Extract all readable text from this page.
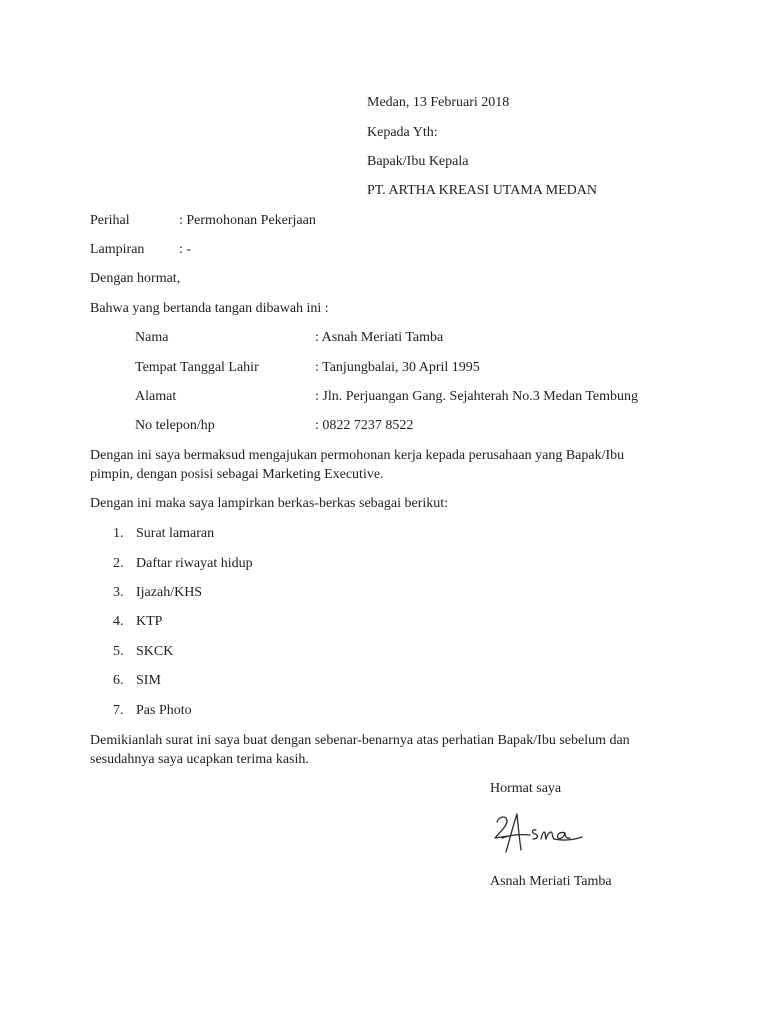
Medan, 13 Februari 2018
Kepada Yth:
Bapak/Ibu Kepala
PT. ARTHA KREASI UTAMA MEDAN
Perihal	: Permohonan Pekerjaan
Lampiran : -
Dengan hormat,
Bahwa yang bertanda tangan dibawah ini :
Nama	: Asnah Meriati Tamba
Tempat Tanggal Lahir	: Tanjungbalai, 30 April 1995
Alamat	: Jln. Perjuangan Gang. Sejahterah No.3 Medan Tembung
No telepon/hp	: 0822 7237 8522
Dengan ini saya bermaksud mengajukan permohonan kerja kepada perusahaan yang Bapak/Ibu
pimpin, dengan posisi sebagai Marketing Executive.
Dengan ini maka saya lampirkan berkas-berkas sebagai berikut:
1. Surat lamaran
2. Daftar riwayat hidup
3. Ijazah/KHS
4. KTP
5. SKCK
6. SIM
7. Pas Photo
Demikianlah surat ini saya buat dengan sebenar-benarnya atas perhatian Bapak/Ibu sebelum dan
sesudahnya saya ucapkan terima kasih.
Hormat saya
Asnah Meriati Tamba
